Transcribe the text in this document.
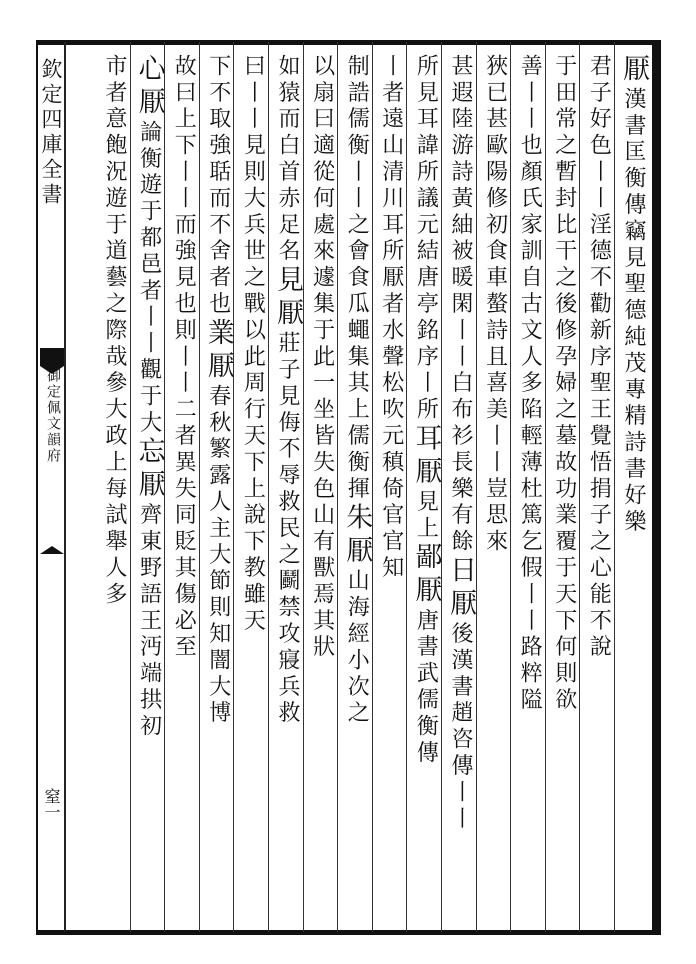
欽定四庫全書
御定佩文韻府
窒一
厭漢書匡衡傳竊見聖德純茂專精詩書好樂
君子好色丨丨淫德不勸新序聖王覺悟捐子之心能不說
于田常之暫封比干之後修孕婦之墓故功業覆于天下何則欲
善丨丨也顏氏家訓自古文人多陷輕薄杜篤乞假丨丨路粹隘
狹已甚歐陽修初食車螯詩且喜美丨丨豈思來
甚遐陸游詩黃紬被暖閑丨丨白布衫長樂有餘日厭後漢書趙咨傳丨丨
所見耳諱所議元結唐亭銘序丨所耳厭見上鄙厭唐書武儒衡傳
丨者遠山清川耳所厭者水聲松吹元稹倚官官知
制誥儒衡丨丨之會食瓜蠅集其上儒衡揮朱厭山海經小次之
以扇曰適從何處來遽集于此一坐皆失色山有獸焉其狀
如猿而白首赤足名見厭莊子見侮不辱救民之鬬禁攻寢兵救
曰丨丨見則大兵世之戰以此周行天下上說下教雖天
下不取強聒而不舍者也業厭春秋繁露人主大節則知闇大博
故曰上下丨丨而強見也則丨丨二者異失同貶其傷必至
心厭論衡遊于都邑者丨丨觀于大忘厭齊東野語王沔端拱初
市者意飽況遊于道藝之際哉參大政上每試舉人多
